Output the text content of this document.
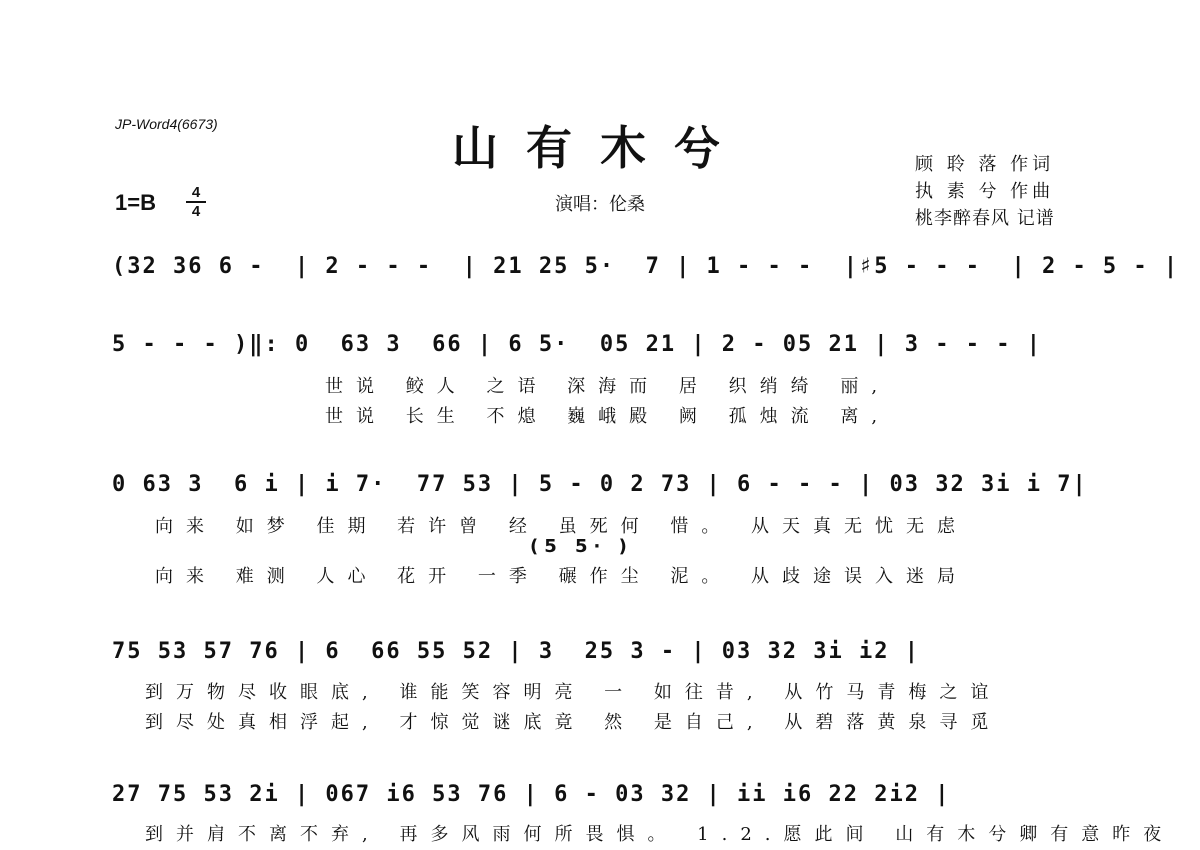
JP-Word4(6673)	山有木兮
$1=B \frac{4}{4}$	演唱：伦桑
顾 聆 落 作词
执 素 兮 作曲
桃李醉春风 记谱
(32 36 6 -  | 2 - - -  | 21 25 5·  7 | 1 - - -  |♯5 - - -  | 2 - 5 - |
5 - - - )‖: 0  63 3  66 | 6 5·  05 21 | 2 - 05 21 | 3 - - - |
世说 鲛人 之语 深海而 居 织绡绮 丽,
世说 长生 不熄 巍峨殿 阙 孤烛流 离,
0 63 3  6 i | i 7·  77 53 | 5 - 0 2 73 | 6 - - - | 03 32 3i i 7|
向来 如梦 佳期 若许曾 经 虽死何 惜。 从天真无忧无虑
(5 5· )
向来 难测 人心 花开 一季 碾作尘 泥。 从歧途误入迷局
75 53 57 76 | 6  66 55 52 | 3  25 3 - | 03 32 3i i2 |
到万物尽收眼底, 谁能笑容明亮 一 如往昔, 从竹马青梅之谊
到尽处真相浮起, 才惊觉谜底竟 然 是自己, 从碧落黄泉寻觅
27 75 53 2i | 067 i6 53 76 | 6 - 03 32 | ii i6 22 2i2 |
到并肩不离不弃, 再多风雨何所畏惧。 1.2.愿此间 山有木兮卿有意昨夜
